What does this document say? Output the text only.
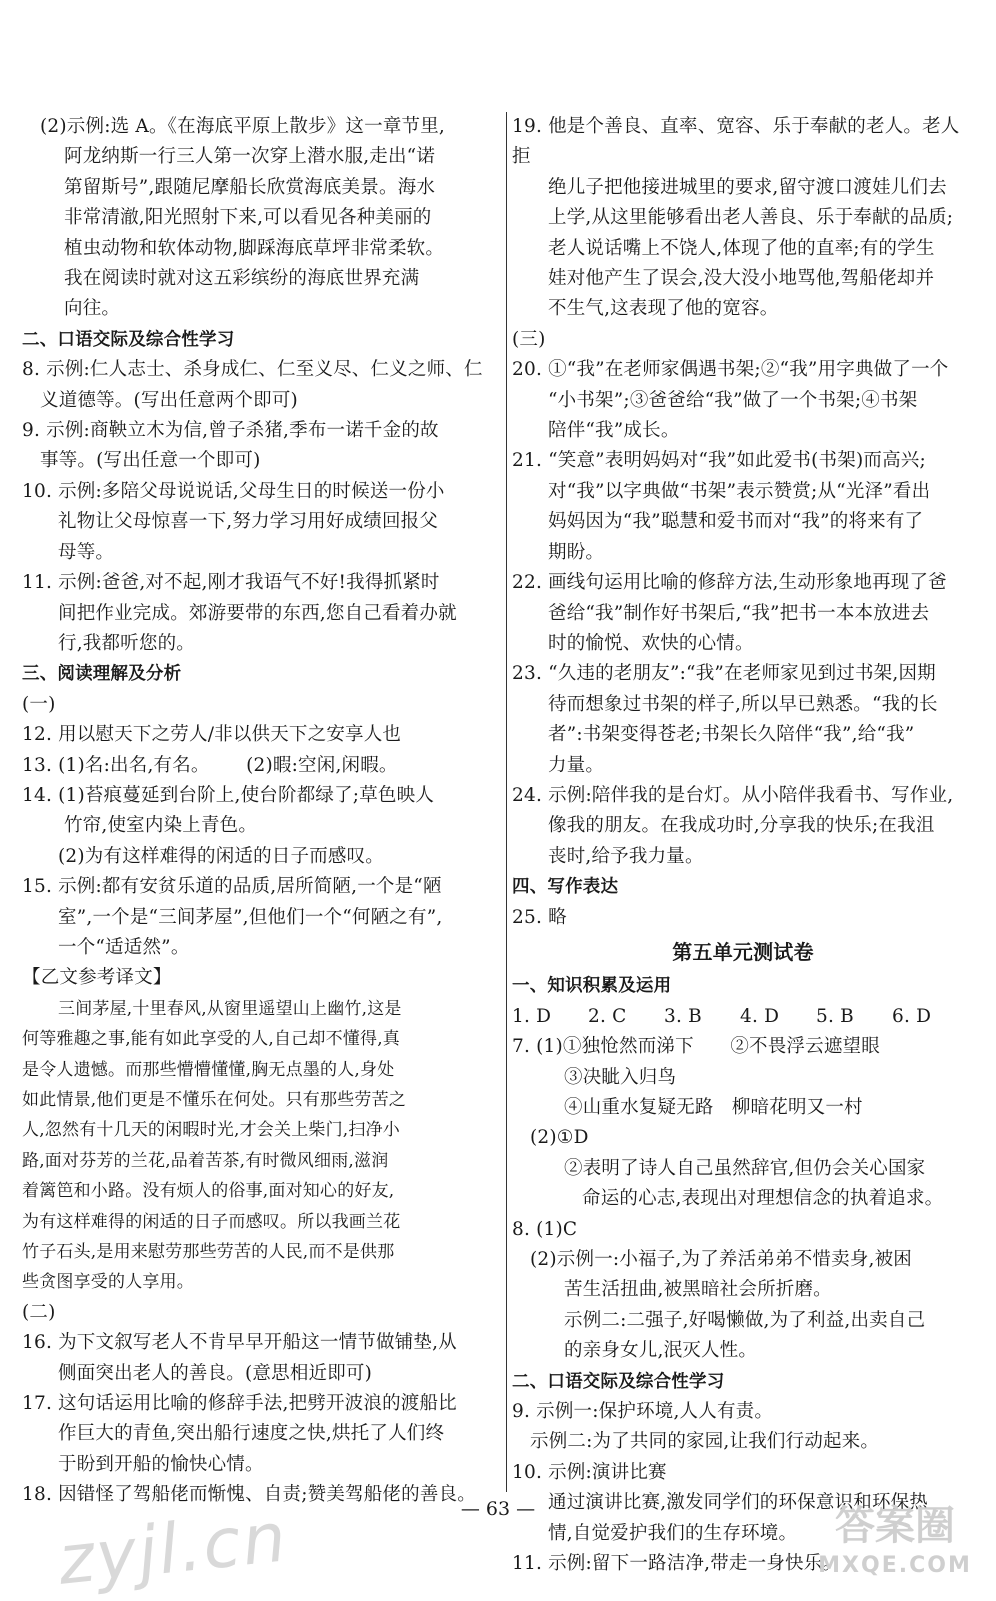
(2)示例:选 A。《在海底平原上散步》这一章节里,

阿龙纳斯一行三人第一次穿上潜水服,走出“诺

第留斯号”,跟随尼摩船长欣赏海底美景。海水

非常清澈,阳光照射下来,可以看见各种美丽的

植虫动物和软体动物,脚踩海底草坪非常柔软。

我在阅读时就对这五彩缤纷的海底世界充满

向往。

二、口语交际及综合性学习

8. 示例:仁人志士、杀身成仁、仁至义尽、仁义之师、仁

义道德等。(写出任意两个即可)

9. 示例:商鞅立木为信,曾子杀猪,季布一诺千金的故

事等。(写出任意一个即可)

10. 示例:多陪父母说说话,父母生日的时候送一份小

礼物让父母惊喜一下,努力学习用好成绩回报父

母等。

11. 示例:爸爸,对不起,刚才我语气不好!我得抓紧时

间把作业完成。郊游要带的东西,您自己看着办就

行,我都听您的。

三、阅读理解及分析

(一)

12. 用以慰天下之劳人/非以供天下之安享人也

13. (1)名:出名,有名。      (2)暇:空闲,闲暇。

14. (1)苔痕蔓延到台阶上,使台阶都绿了;草色映人

竹帘,使室内染上青色。

(2)为有这样难得的闲适的日子而感叹。

15. 示例:都有安贫乐道的品质,居所简陋,一个是“陋

室”,一个是“三间茅屋”,但他们一个“何陋之有”,

一个“适适然”。

【乙文参考译文】

三间茅屋,十里春风,从窗里遥望山上幽竹,这是

何等雅趣之事,能有如此享受的人,自己却不懂得,真

是令人遗憾。而那些懵懵懂懂,胸无点墨的人,身处

如此情景,他们更是不懂乐在何处。只有那些劳苦之

人,忽然有十几天的闲暇时光,才会关上柴门,扫净小

路,面对芬芳的兰花,品着苦茶,有时微风细雨,滋润

着篱笆和小路。没有烦人的俗事,面对知心的好友,

为有这样难得的闲适的日子而感叹。所以我画兰花

竹子石头,是用来慰劳那些劳苦的人民,而不是供那

些贪图享受的人享用。

(二)

16. 为下文叙写老人不肯早早开船这一情节做铺垫,从

侧面突出老人的善良。(意思相近即可)

17. 这句话运用比喻的修辞手法,把劈开波浪的渡船比

作巨大的青鱼,突出船行速度之快,烘托了人们终

于盼到开船的愉快心情。

18. 因错怪了驾船佬而惭愧、自责;赞美驾船佬的善良。

19. 他是个善良、直率、宽容、乐于奉献的老人。老人拒

绝儿子把他接进城里的要求,留守渡口渡娃儿们去

上学,从这里能够看出老人善良、乐于奉献的品质;

老人说话嘴上不饶人,体现了他的直率;有的学生

娃对他产生了误会,没大没小地骂他,驾船佬却并

不生气,这表现了他的宽容。

(三)

20. ①“我”在老师家偶遇书架;②“我”用字典做了一个

“小书架”;③爸爸给“我”做了一个书架;④书架

陪伴“我”成长。

21. “笑意”表明妈妈对“我”如此爱书(书架)而高兴;

对“我”以字典做“书架”表示赞赏;从“光泽”看出

妈妈因为“我”聪慧和爱书而对“我”的将来有了

期盼。

22. 画线句运用比喻的修辞方法,生动形象地再现了爸

爸给“我”制作好书架后,“我”把书一本本放进去

时的愉悦、欢快的心情。

23. “久违的老朋友”:“我”在老师家见到过书架,因期

待而想象过书架的样子,所以早已熟悉。“我的长

者”:书架变得苍老;书架长久陪伴“我”,给“我”

力量。

24. 示例:陪伴我的是台灯。从小陪伴我看书、写作业,

像我的朋友。在我成功时,分享我的快乐;在我沮

丧时,给予我力量。

四、写作表达

25. 略

第五单元测试卷

一、知识积累及运用

1. D 2. C 3. B 4. D 5. B 6. D

7. (1)①独怆然而涕下      ②不畏浮云遮望眼

③决眦入归鸟

④山重水复疑无路   柳暗花明又一村

(2)①D

②表明了诗人自己虽然辞官,但仍会关心国家

命运的心志,表现出对理想信念的执着追求。

8. (1)C

(2)示例一:小福子,为了养活弟弟不惜卖身,被困

苦生活扭曲,被黑暗社会所折磨。

示例二:二强子,好喝懒做,为了利益,出卖自己

的亲身女儿,泯灭人性。

二、口语交际及综合性学习

9. 示例一:保护环境,人人有责。

示例二:为了共同的家园,让我们行动起来。

10. 示例:演讲比赛

通过演讲比赛,激发同学们的环保意识和环保热

情,自觉爱护我们的生存环境。

11. 示例:留下一路洁净,带走一身快乐。

— 63 —
zyjl.cn	答案圈
MXQE.COM
